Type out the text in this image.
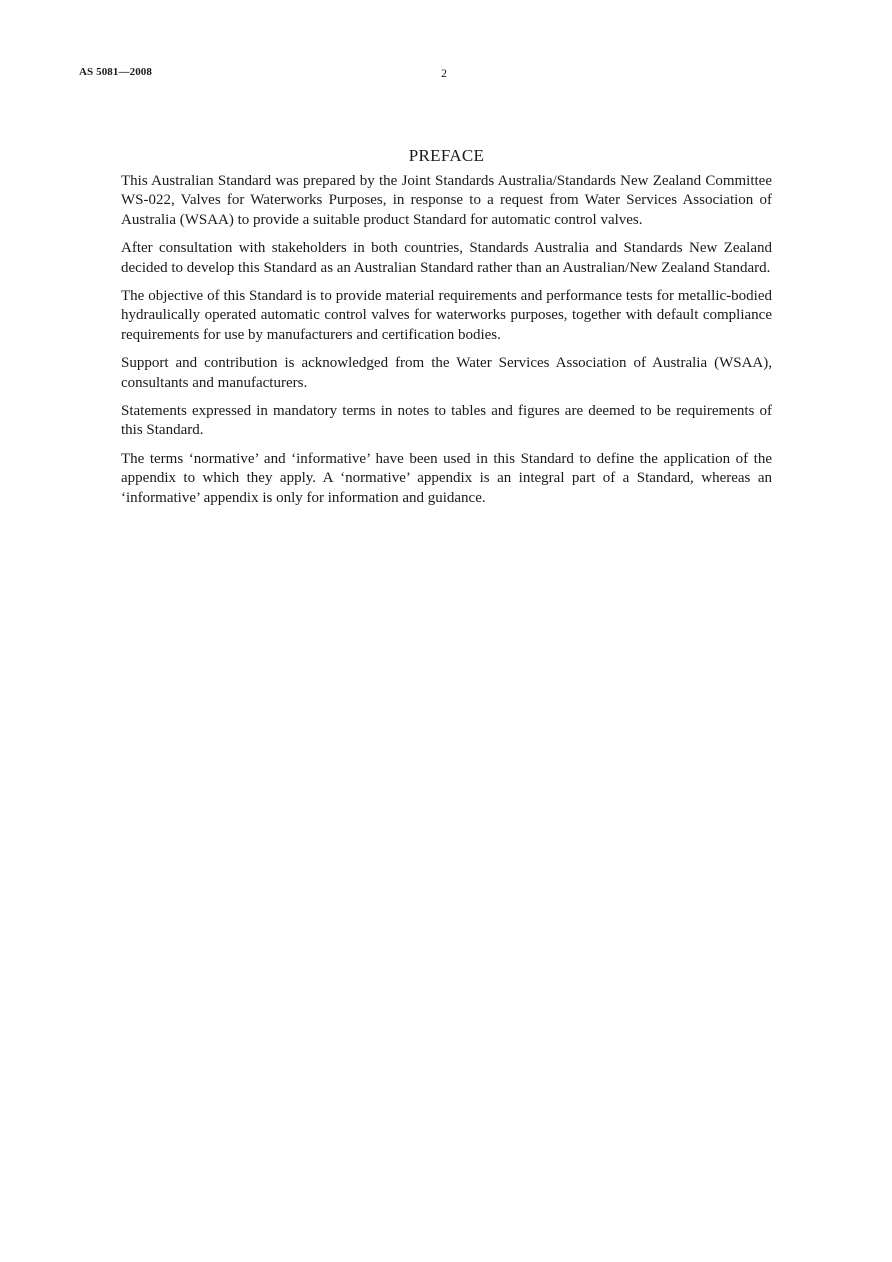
AS 5081—2008	2
PREFACE

This Australian Standard was prepared by the Joint Standards Australia/Standards New Zealand Committee WS-022, Valves for Waterworks Purposes, in response to a request from Water Services Association of Australia (WSAA) to provide a suitable product Standard for automatic control valves.

After consultation with stakeholders in both countries, Standards Australia and Standards New Zealand decided to develop this Standard as an Australian Standard rather than an Australian/New Zealand Standard.

The objective of this Standard is to provide material requirements and performance tests for metallic-bodied hydraulically operated automatic control valves for waterworks purposes, together with default compliance requirements for use by manufacturers and certification bodies.

Support and contribution is acknowledged from the Water Services Association of Australia (WSAA), consultants and manufacturers.

Statements expressed in mandatory terms in notes to tables and figures are deemed to be requirements of this Standard.

The terms ‘normative’ and ‘informative’ have been used in this Standard to define the application of the appendix to which they apply. A ‘normative’ appendix is an integral part of a Standard, whereas an ‘informative’ appendix is only for information and guidance.
